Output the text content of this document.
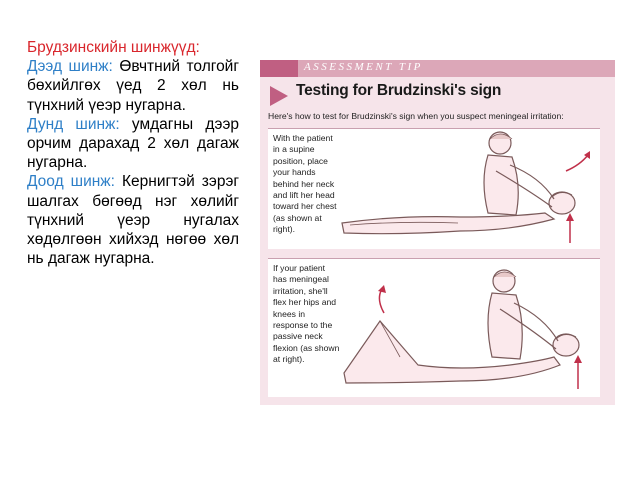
Брудзинскийн шинжүүд:
Дээд шинж: Өвчтний толгойг бөхийлгөх үед 2 хөл нь түнхний үеэр нугарна.
Дунд шинж: умдагны дээр орчим дарахад 2 хөл дагаж нугарна.
Доод шинж: Кернигтэй зэрэг шалгах бөгөөд нэг хөлийг түнхний үеэр нугалах хөдөлгөөн хийхэд нөгөө хөл нь дагаж нугарна.
ASSESSMENT TIP
Testing for Brudzinski's sign
Here's how to test for Brudzinski's sign when you suspect meningeal irritation:
With the patient in a supine position, place your hands behind her neck and lift her head toward her chest (as shown at right).
If your patient has meningeal irritation, she'll flex her hips and knees in response to the passive neck flexion (as shown at right).
